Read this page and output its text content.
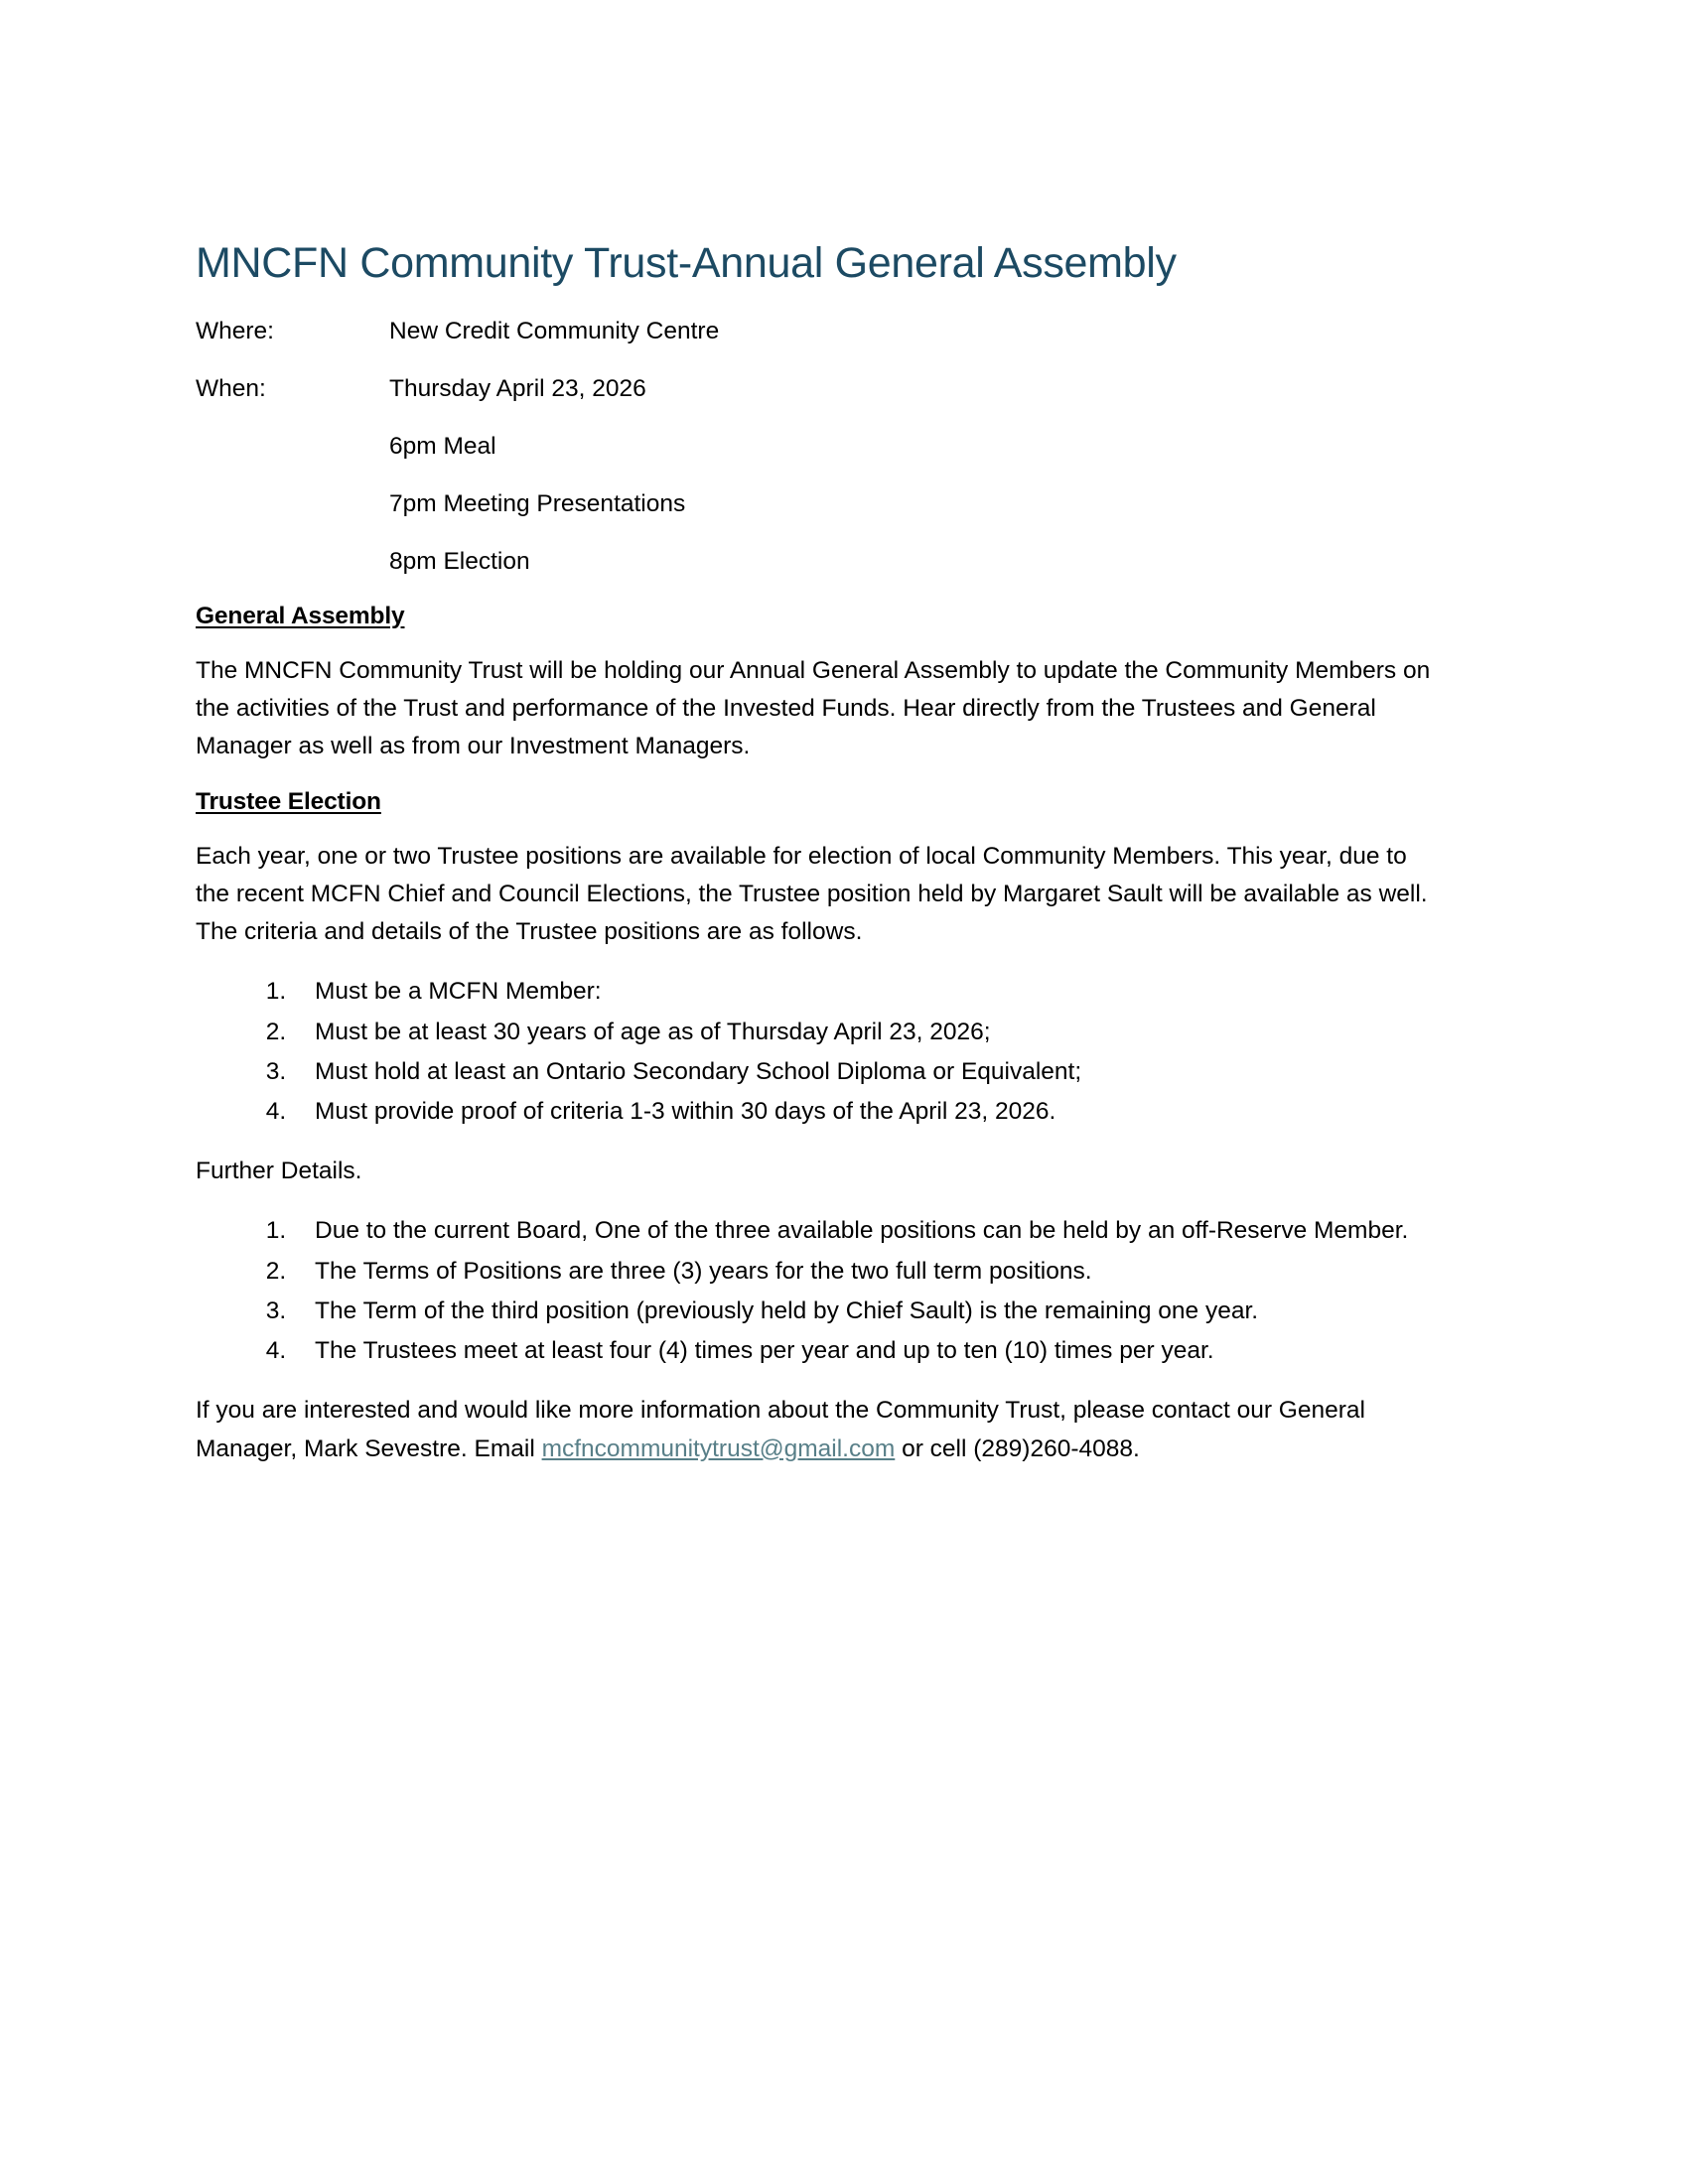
MNCFN Community Trust-Annual General Assembly
Where:	New Credit Community Centre
When:	Thursday April 23, 2026
6pm Meal
7pm Meeting Presentations
8pm Election
General Assembly

The MNCFN Community Trust will be holding our Annual General Assembly to update the Community Members on the activities of the Trust and performance of the Invested Funds. Hear directly from the Trustees and General Manager as well as from our Investment Managers.

Trustee Election

Each year, one or two Trustee positions are available for election of local Community Members. This year, due to the recent MCFN Chief and Council Elections, the Trustee position held by Margaret Sault will be available as well. The criteria and details of the Trustee positions are as follows.

1. Must be a MCFN Member:
2. Must be at least 30 years of age as of Thursday April 23, 2026;
3. Must hold at least an Ontario Secondary School Diploma or Equivalent;
4. Must provide proof of criteria 1-3 within 30 days of the April 23, 2026.

Further Details.

1. Due to the current Board, One of the three available positions can be held by an off-Reserve Member.
2. The Terms of Positions are three (3) years for the two full term positions.
3. The Term of the third position (previously held by Chief Sault) is the remaining one year.
4. The Trustees meet at least four (4) times per year and up to ten (10) times per year.

If you are interested and would like more information about the Community Trust, please contact our General Manager, Mark Sevestre. Email mcfncommunitytrust@gmail.com or cell (289)260-4088.
